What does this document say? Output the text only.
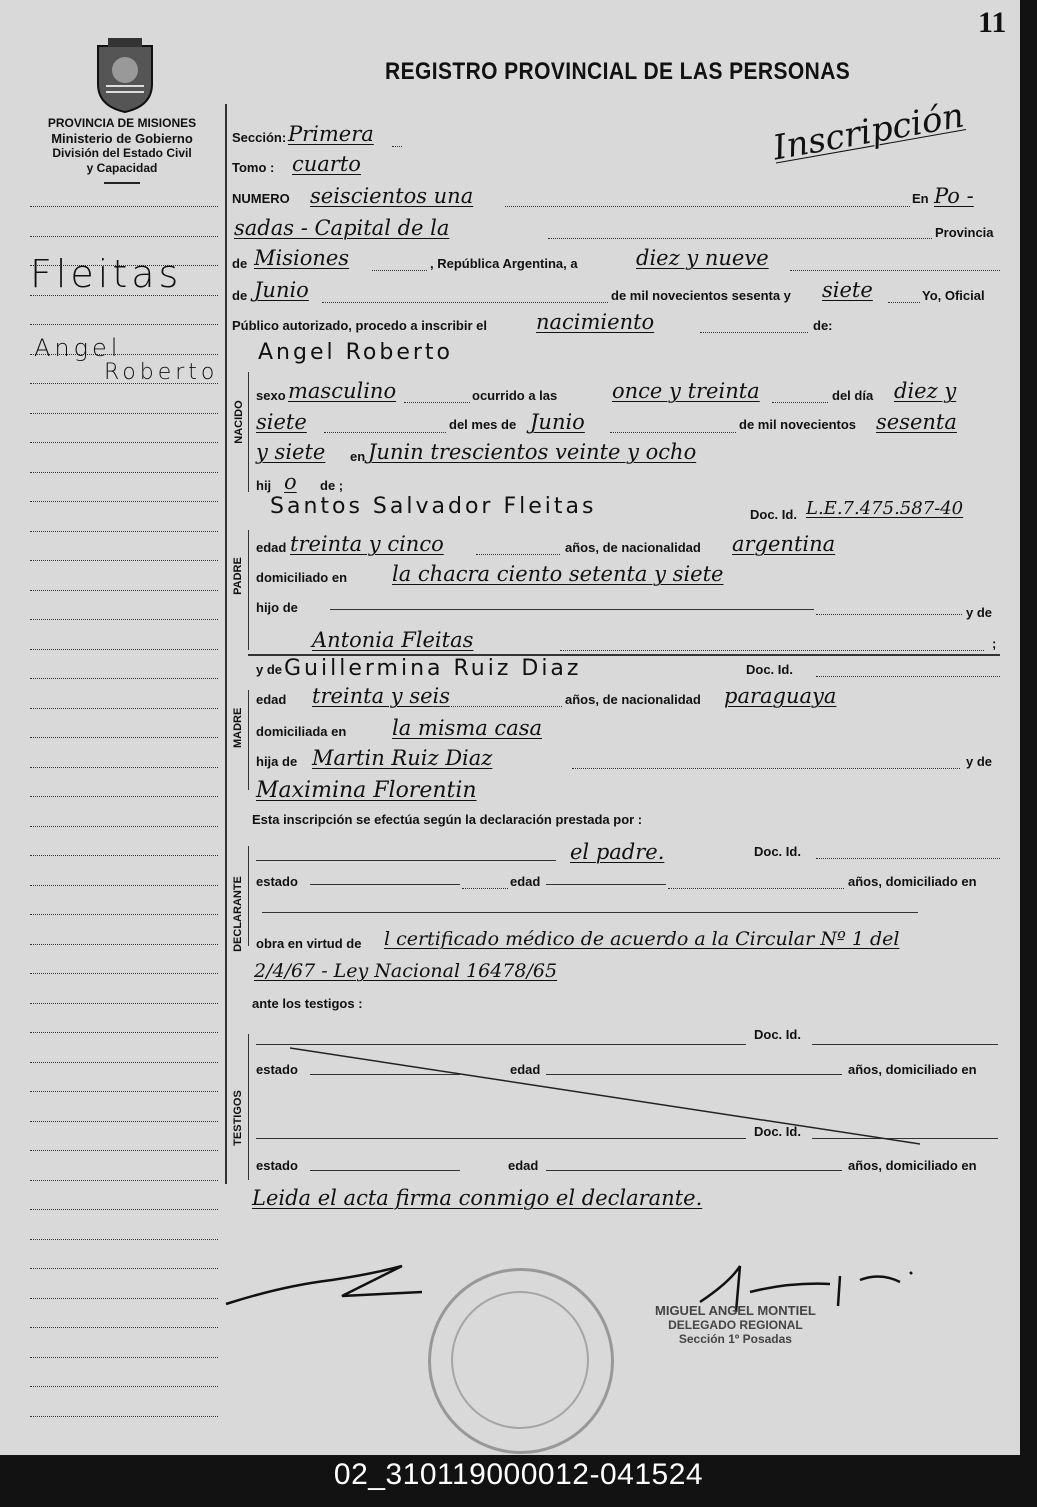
11
PROVINCIA DE MISIONES
Ministerio de Gobierno
División del Estado Civil
y Capacidad
REGISTRO PROVINCIAL DE LAS PERSONAS
Fleitas
Angel
Roberto
Sección: Primera	Inscripción
Tomo : cuarto
NUMERO seiscientos una	En Po -
sadas - Capital de la	Provincia
de Misiones	, República Argentina, a	diez y nueve
de Junio	de mil novecientos sesenta y siete	Yo, Oficial
Público autorizado, procedo a inscribir el nacimiento	de:
NACIDO
Angel Roberto
sexo masculino	ocurrido a las	once y treinta	del día diez y
siete	del mes de Junio	de mil novecientos sesenta
y siete en Junin trescientos veinte y ocho
hij o de ;
PADRE
Santos Salvador Fleitas	Doc. Id. L.E.7.475.587-40
edad treinta y cinco	años, de nacionalidad argentina
domiciliado en la chacra ciento setenta y siete
hijo de	y de
Antonia Fleitas	;
MADRE
y de Guillermina Ruiz Diaz	Doc. Id.
edad treinta y seis	años, de nacionalidad paraguaya
domiciliada en la misma casa
hija de Martin Ruiz Diaz	y de
Maximina Florentin
DECLARANTE
Esta inscripción se efectúa según la declaración prestada por :
el padre.	Doc. Id.
estado	edad	años, domiciliado en
obra en virtud de l certificado médico de acuerdo a la Circular Nº 1 del
2/4/67 - Ley Nacional 16478/65
TESTIGOS
ante los testigos :
Doc. Id.
estado	edad	años, domiciliado en
Doc. Id.
estado	edad	años, domiciliado en
Leida el acta firma conmigo el declarante.
MIGUEL ANGEL MONTIEL
DELEGADO REGIONAL
Sección 1º Posadas
02_310119000012-041524
